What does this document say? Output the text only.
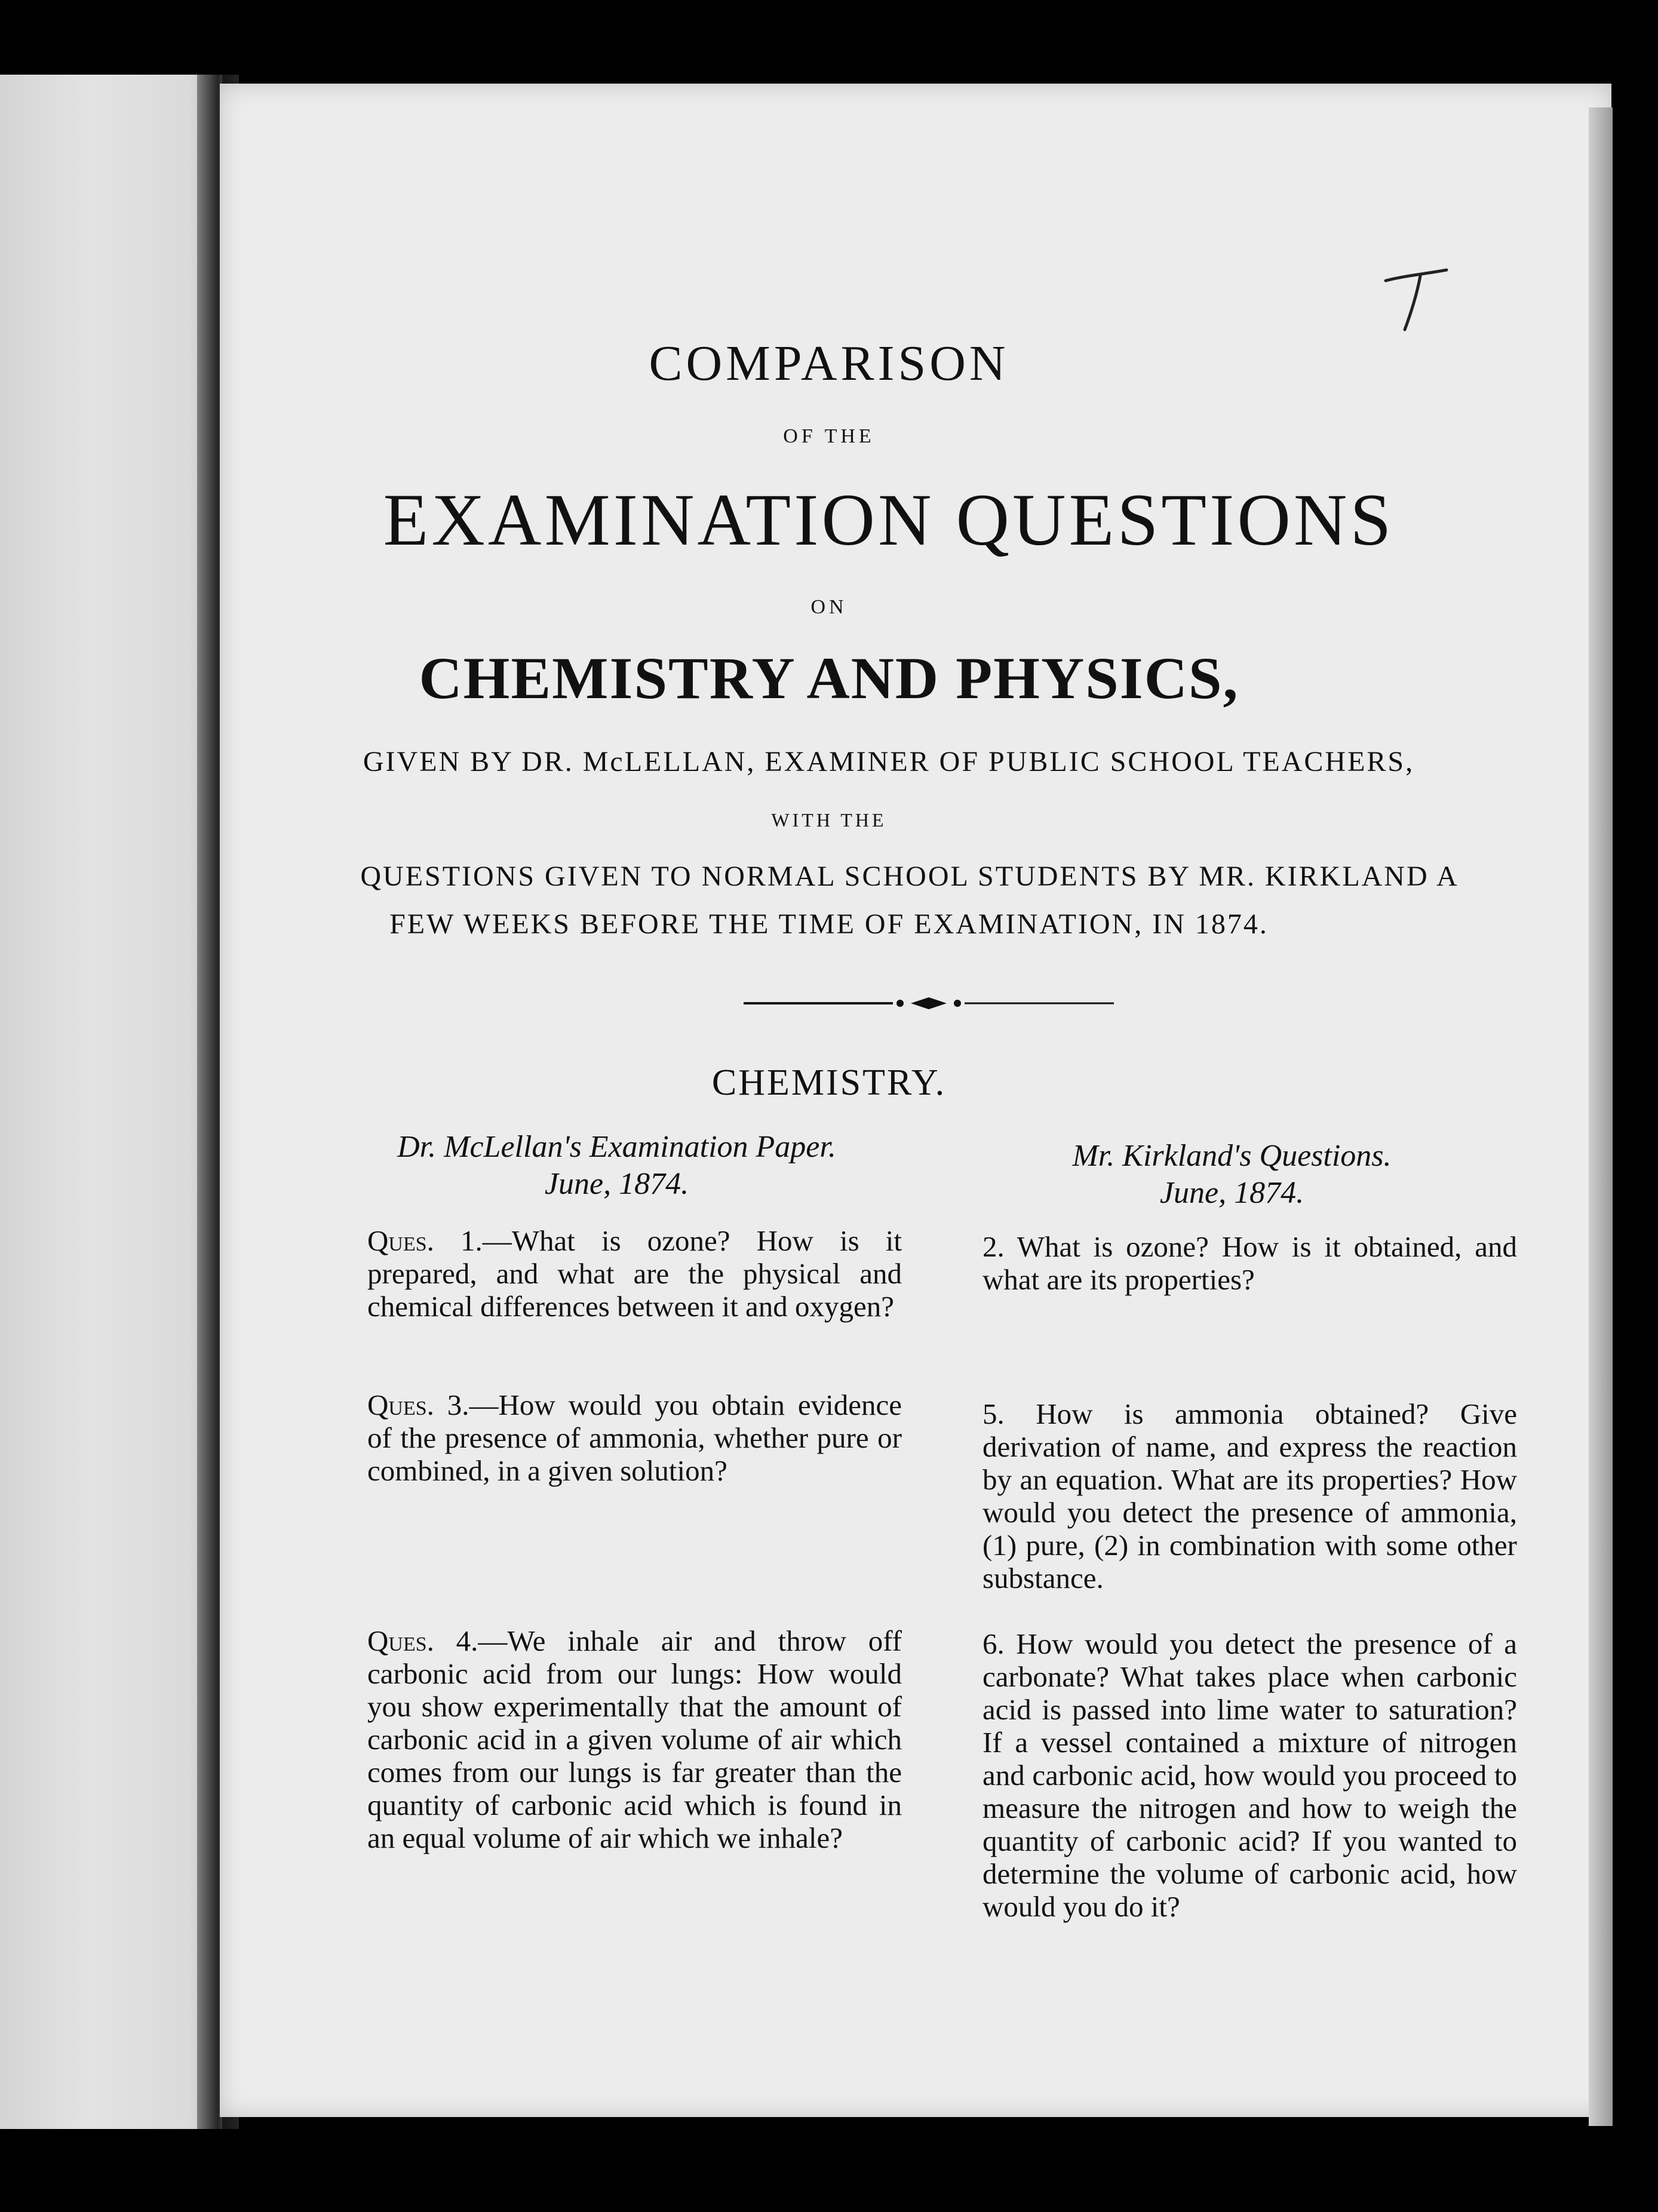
COMPARISON
OF THE
EXAMINATION QUESTIONS
ON
CHEMISTRY AND PHYSICS,
GIVEN BY DR. McLELLAN, EXAMINER OF PUBLIC SCHOOL TEACHERS,
WITH THE
QUESTIONS GIVEN TO NORMAL SCHOOL STUDENTS BY MR. KIRKLAND A
FEW WEEKS BEFORE THE TIME OF EXAMINATION, IN 1874.
CHEMISTRY.
Dr. McLellan's Examination Paper.
June, 1874.
Mr. Kirkland's Questions.
June, 1874.

Ques. 1.—What is ozone? How is it prepared, and what are the physical and chemical differences between it and oxygen?

Ques. 3.—How would you obtain evidence of the presence of ammonia, whether pure or combined, in a given solution?

Ques. 4.—We inhale air and throw off carbonic acid from our lungs: How would you show experimentally that the amount of carbonic acid in a given volume of air which comes from our lungs is far greater than the quantity of carbonic acid which is found in an equal volume of air which we inhale?

2. What is ozone? How is it obtained, and what are its properties?

5. How is ammonia obtained? Give derivation of name, and express the reaction by an equation. What are its properties? How would you detect the presence of ammonia, (1) pure, (2) in combination with some other substance.

6. How would you detect the presence of a carbonate? What takes place when carbonic acid is passed into lime water to saturation? If a vessel contained a mixture of nitrogen and carbonic acid, how would you proceed to measure the nitrogen and how to weigh the quantity of carbonic acid? If you wanted to determine the volume of carbonic acid, how would you do it?
